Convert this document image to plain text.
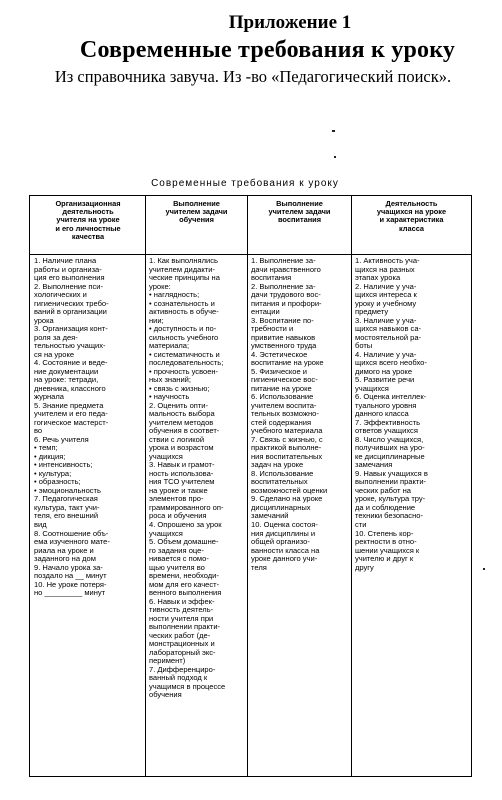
Приложение 1
Современные требования к уроку
Из справочника завуча. Из -во «Педагогический поиск».
Современные требования к уроку
Организационная
деятельность
учителя на уроке
и его личностные
качества
Выполнение
учителем задачи
обучения
Выполнение
учителем задачи
воспитания
Деятельность
учащихся на уроке
и характеристика
класса
1. Наличие плана
работы и организа-
ция его выполнения
2. Выполнение пси-
хологических и
гигиенических требо-
ваний в организации
урока
3. Организация конт-
роля за дея-
тельностью учащих-
ся на уроке
4. Состояние и веде-
ние документации
на уроке: тетради,
дневника, классного
журнала
5. Знание предмета
учителем и его педа-
гогическое мастерст-
во
6. Речь учителя
• темп;
• дикция;
• интенсивность;
• культура;
• образность;
• эмоциональность
7. Педагогическая
культура, такт учи-
теля, его внешний
вид
8. Соотношение объ-
ема изученного мате-
риала на уроке и
заданного на дом
9. Начало урока за-
поздало на __ минут
10. Не уроке потеря-
но _________ минут
1. Как выполнялись
учителем дидакти-
ческие принципы на
уроке:
• наглядность;
• сознательность и
активность в обуче-
нии;
• доступность и по-
сильность учебного
материала;
• систематичность и
последовательность;
• прочность усвоен-
ных знаний;
• связь с жизнью;
• научность
2. Оценить опти-
мальность выбора
учителем методов
обучения в соответ-
ствии с логикой
урока и возрастом
учащихся
3. Навык и грамот-
ность использова-
ния ТСО учителем
на уроке и также
элементов про-
граммированного оп-
роса и обучения
4. Опрошено за урок
учащихся
5. Объем домашне-
го задания оце-
нивается с помо-
щью учителя во
времени, необходи-
мом для его качест-
венного выполнения
6. Навык и эффек-
тивность деятель-
ности учителя при
выполнении практи-
ческих работ (де-
монстрационных и
лабораторный экс-
перимент)
7. Дифференциро-
ванный подход к
учащимся в процессе
обучения
1. Выполнение за-
дачи нравственного
воспитания
2. Выполнение за-
дачи трудового вос-
питания и профори-
ентации
3. Воспитание по-
требности и
привитие навыков
умственного труда
4. Эстетическое
воспитание на уроке
5. Физическое и
гигиеническое вос-
питание на уроке
6. Использование
учителем воспита-
тельных возможно-
стей содержания
учебного материала
7. Связь с жизнью, с
практикой выполне-
ния воспитательных
задач на уроке
8. Использование
воспитательных
возможностей оценки
9. Сделано на уроке
дисциплинарных
замечаний
10. Оценка состоя-
ния дисциплины и
общей организо-
ванности класса на
уроке данного учи-
теля
1. Активность уча-
щихся на разных
этапах урока
2. Наличие у уча-
щихся интереса к
уроку и учебному
предмету
3. Наличие у уча-
щихся навыков са-
мостоятельной ра-
боты
4. Наличие у уча-
щихся всего необхо-
димого на уроке
5. Развитие речи
учащихся
6. Оценка интеллек-
туального уровня
данного класса
7. Эффективность
ответов учащихся
8. Число учащихся,
получивших на уро-
ке дисциплинарные
замечания
9. Навык учащихся в
выполнении практи-
ческих работ на
уроке, культура тру-
да и соблюдение
техники безопасно-
сти
10. Степень кор-
ректности в отно-
шении учащихся к
учителю и друг к
другу
